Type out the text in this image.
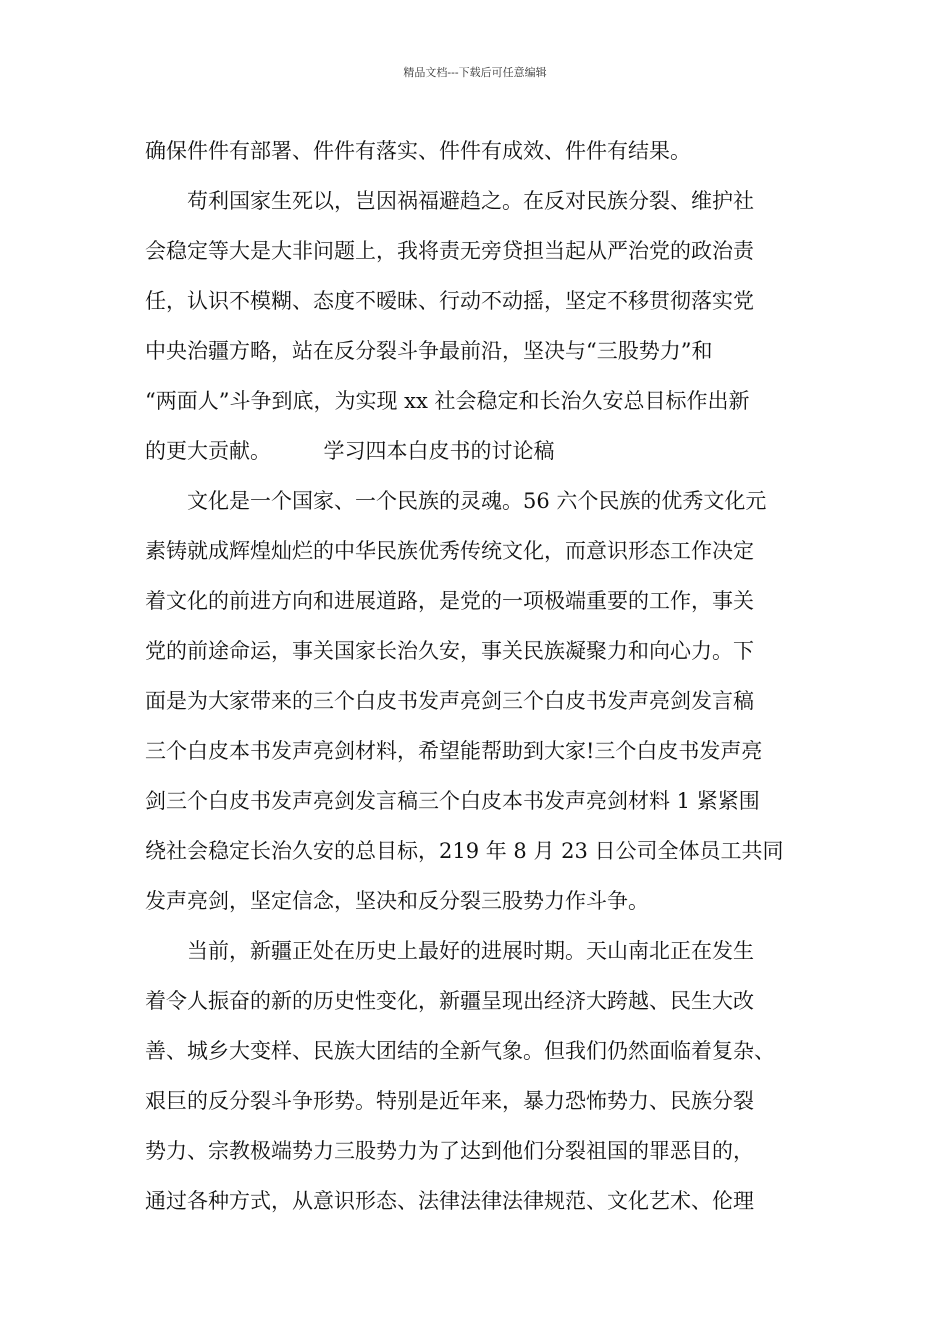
精品文档---下载后可任意编辑
确保件件有部署、件件有落实、件件有成效、件件有结果。
苟利国家生死以，岂因祸福避趋之。在反对民族分裂、维护社
会稳定等大是大非问题上，我将责无旁贷担当起从严治党的政治责
任，认识不模糊、态度不暧昧、行动不动摇，坚定不移贯彻落实党
中央治疆方略，站在反分裂斗争最前沿，坚决与“三股势力”和
“两面人”斗争到底，为实现 xx 社会稳定和长治久安总目标作出新
的更大贡献。　　　学习四本白皮书的讨论稿
文化是一个国家、一个民族的灵魂。56 六个民族的优秀文化元
素铸就成辉煌灿烂的中华民族优秀传统文化，而意识形态工作决定
着文化的前进方向和进展道路，是党的一项极端重要的工作，事关
党的前途命运，事关国家长治久安，事关民族凝聚力和向心力。下
面是为大家带来的三个白皮书发声亮剑三个白皮书发声亮剑发言稿
三个白皮本书发声亮剑材料，希望能帮助到大家!三个白皮书发声亮
剑三个白皮书发声亮剑发言稿三个白皮本书发声亮剑材料 1 紧紧围
绕社会稳定长治久安的总目标，219 年 8 月 23 日公司全体员工共同
发声亮剑，坚定信念，坚决和反分裂三股势力作斗争。
当前，新疆正处在历史上最好的进展时期。天山南北正在发生
着令人振奋的新的历史性变化，新疆呈现出经济大跨越、民生大改
善、城乡大变样、民族大团结的全新气象。但我们仍然面临着复杂、
艰巨的反分裂斗争形势。特别是近年来，暴力恐怖势力、民族分裂
势力、宗教极端势力三股势力为了达到他们分裂祖国的罪恶目的，
通过各种方式，从意识形态、法律法律法律规范、文化艺术、伦理
